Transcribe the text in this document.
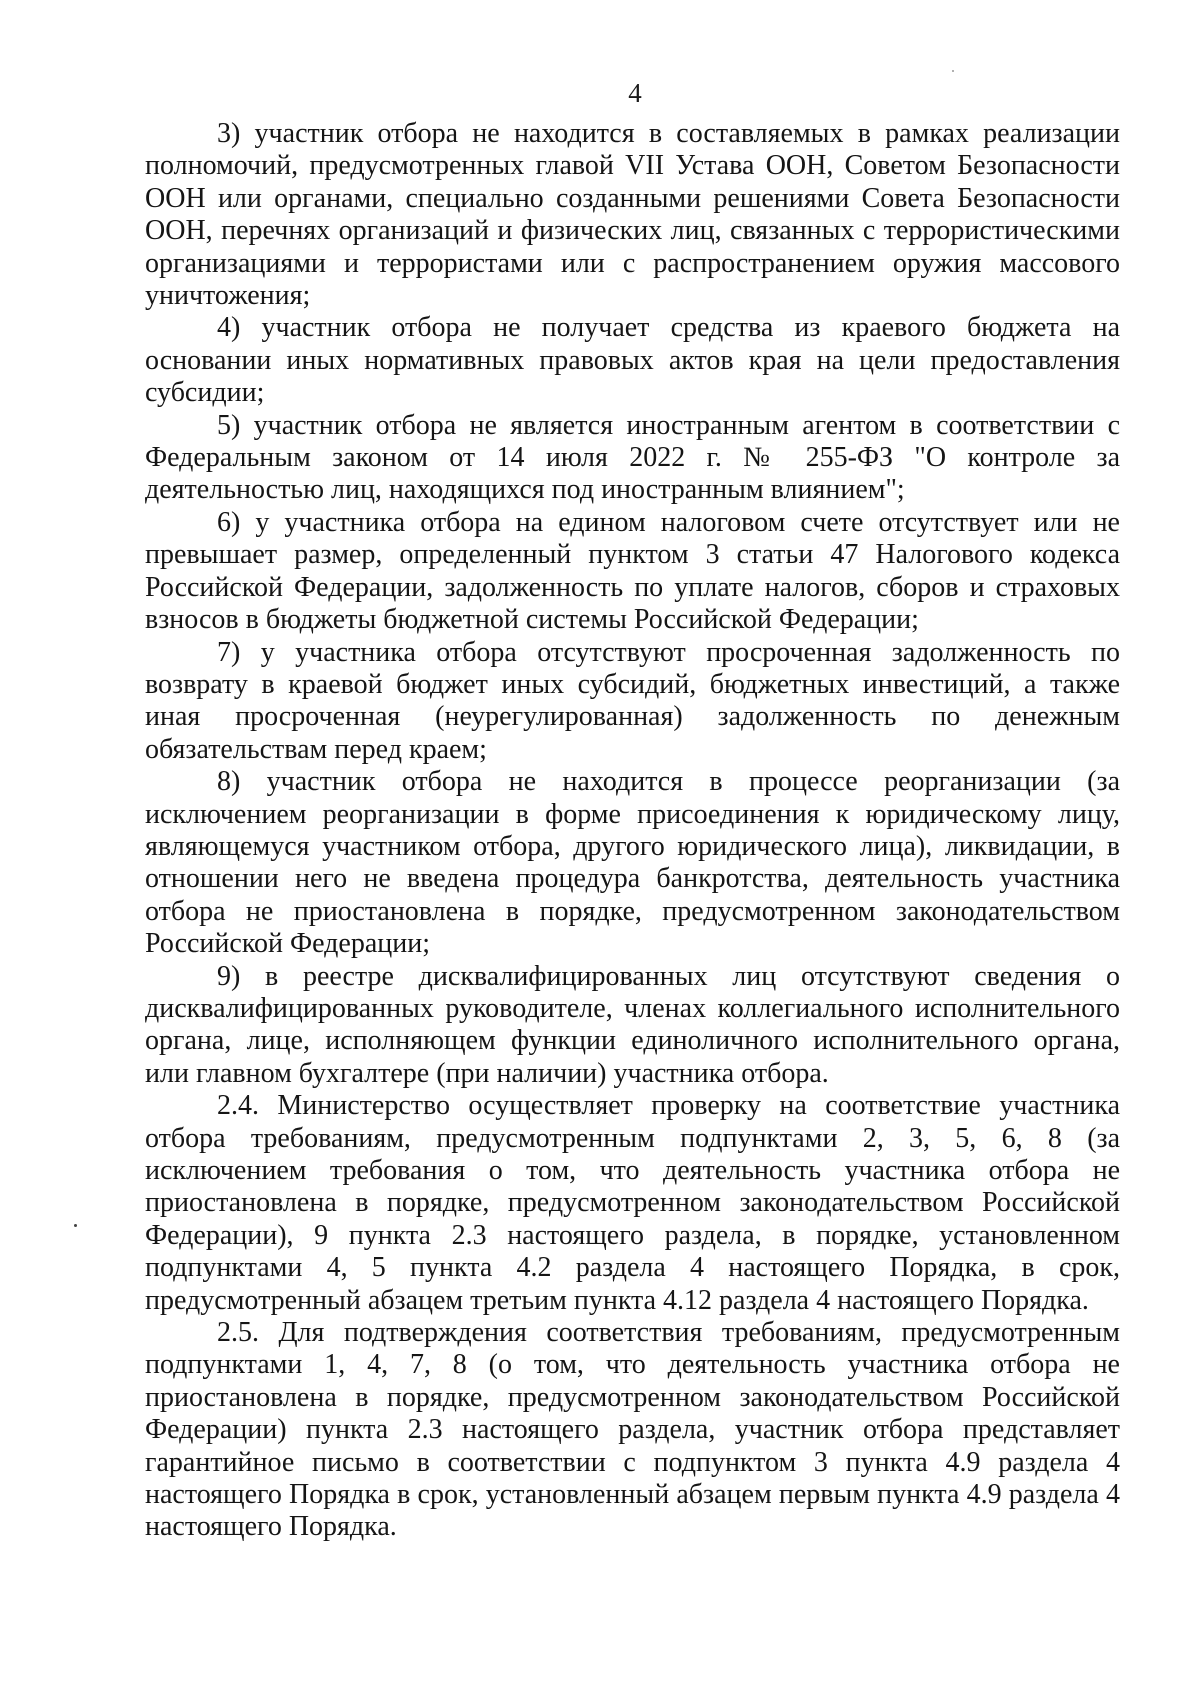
4

3) участник отбора не находится в составляемых в рамках реализации полномочий, предусмотренных главой VII Устава ООН, Советом Безопасности ООН или органами, специально созданными решениями Совета Безопасности ООН, перечнях организаций и физических лиц, связанных с террористическими организациями и террористами или с распространением оружия массового уничтожения;

4) участник отбора не получает средства из краевого бюджета на основании иных нормативных правовых актов края на цели предоставления субсидии;

5) участник отбора не является иностранным агентом в соответствии с Федеральным законом от 14 июля 2022 г. № 255-ФЗ "О контроле за деятельностью лиц, находящихся под иностранным влиянием";

6) у участника отбора на едином налоговом счете отсутствует или не превышает размер, определенный пунктом 3 статьи 47 Налогового кодекса Российской Федерации, задолженность по уплате налогов, сборов и страховых взносов в бюджеты бюджетной системы Российской Федерации;

7) у участника отбора отсутствуют просроченная задолженность по возврату в краевой бюджет иных субсидий, бюджетных инвестиций, а также иная просроченная (неурегулированная) задолженность по денежным обязательствам перед краем;

8) участник отбора не находится в процессе реорганизации (за исключением реорганизации в форме присоединения к юридическому лицу, являющемуся участником отбора, другого юридического лица), ликвидации, в отношении него не введена процедура банкротства, деятельность участника отбора не приостановлена в порядке, предусмотренном законодательством Российской Федерации;

9) в реестре дисквалифицированных лиц отсутствуют сведения о дисквалифицированных руководителе, членах коллегиального исполнительного органа, лице, исполняющем функции единоличного исполнительного органа, или главном бухгалтере (при наличии) участника отбора.

2.4. Министерство осуществляет проверку на соответствие участника отбора требованиям, предусмотренным подпунктами 2, 3, 5, 6, 8 (за исключением требования о том, что деятельность участника отбора не приостановлена в порядке, предусмотренном законодательством Российской Федерации), 9 пункта 2.3 настоящего раздела, в порядке, установленном подпунктами 4, 5 пункта 4.2 раздела 4 настоящего Порядка, в срок, предусмотренный абзацем третьим пункта 4.12 раздела 4 настоящего Порядка.

2.5. Для подтверждения соответствия требованиям, предусмотренным подпунктами 1, 4, 7, 8 (о том, что деятельность участника отбора не приостановлена в порядке, предусмотренном законодательством Российской Федерации) пункта 2.3 настоящего раздела, участник отбора представляет гарантийное письмо в соответствии с подпунктом 3 пункта 4.9 раздела 4 настоящего Порядка в срок, установленный абзацем первым пункта 4.9 раздела 4 настоящего Порядка.
